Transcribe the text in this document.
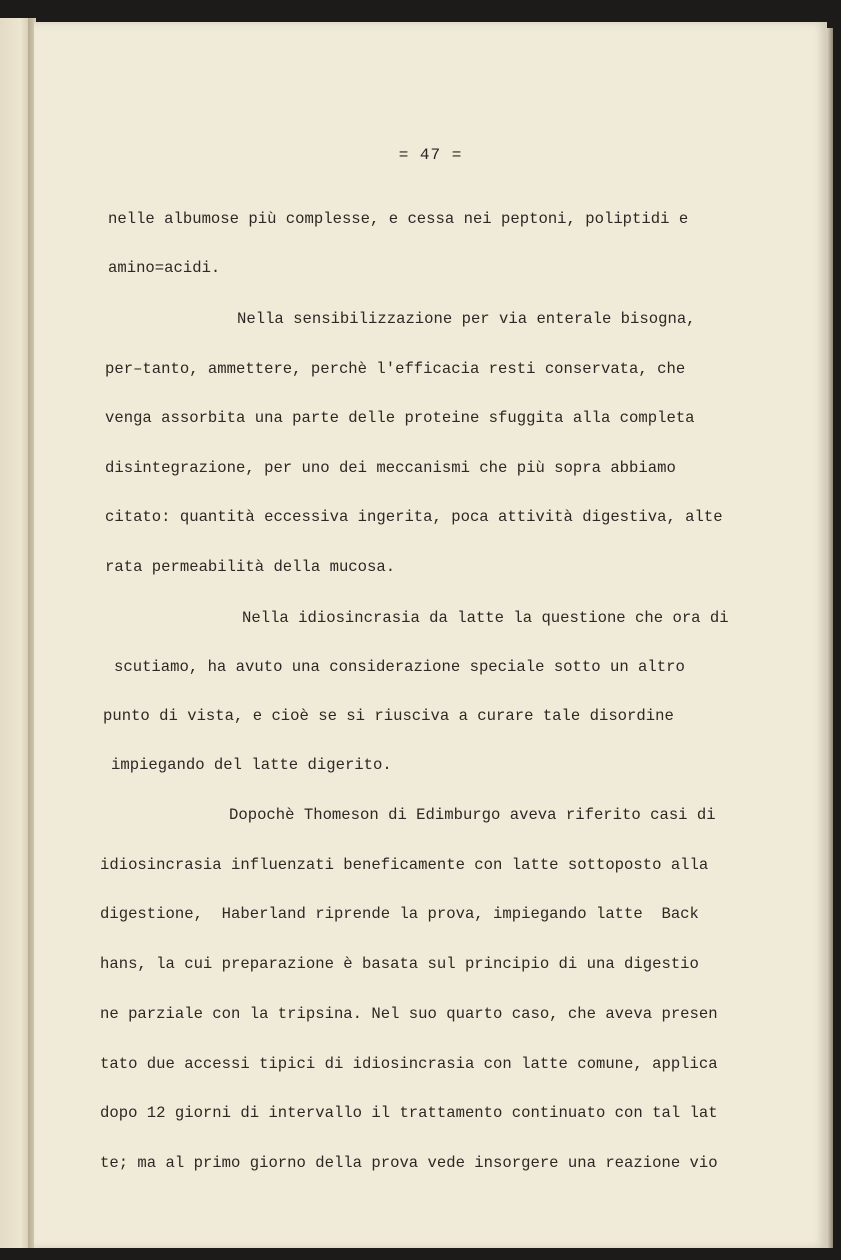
= 47 =
nelle albumose più complesse, e cessa nei peptoni, poliptidi e
amino=acidi.
Nella sensibilizzazione per via enterale bisogna,
per–tanto, ammettere, perchè l'efficacia resti conservata, che
venga assorbita una parte delle proteine sfuggita alla completa
disintegrazione, per uno dei meccanismi che più sopra abbiamo
citato: quantità eccessiva ingerita, poca attività digestiva, alte
rata permeabilità della mucosa.
Nella idiosincrasia da latte la questione che ora di
scutiamo, ha avuto una considerazione speciale sotto un altro
punto di vista, e cioè se si riusciva a curare tale disordine
impiegando del latte digerito.
Dopochè Thomeson di Edimburgo aveva riferito casi di
idiosincrasia influenzati beneficamente con latte sottoposto alla
digestione,  Haberland riprende la prova, impiegando latte  Back
hans, la cui preparazione è basata sul principio di una digestio
ne parziale con la tripsina. Nel suo quarto caso, che aveva presen
tato due accessi tipici di idiosincrasia con latte comune, applica
dopo 12 giorni di intervallo il trattamento continuato con tal lat
te; ma al primo giorno della prova vede insorgere una reazione vio
